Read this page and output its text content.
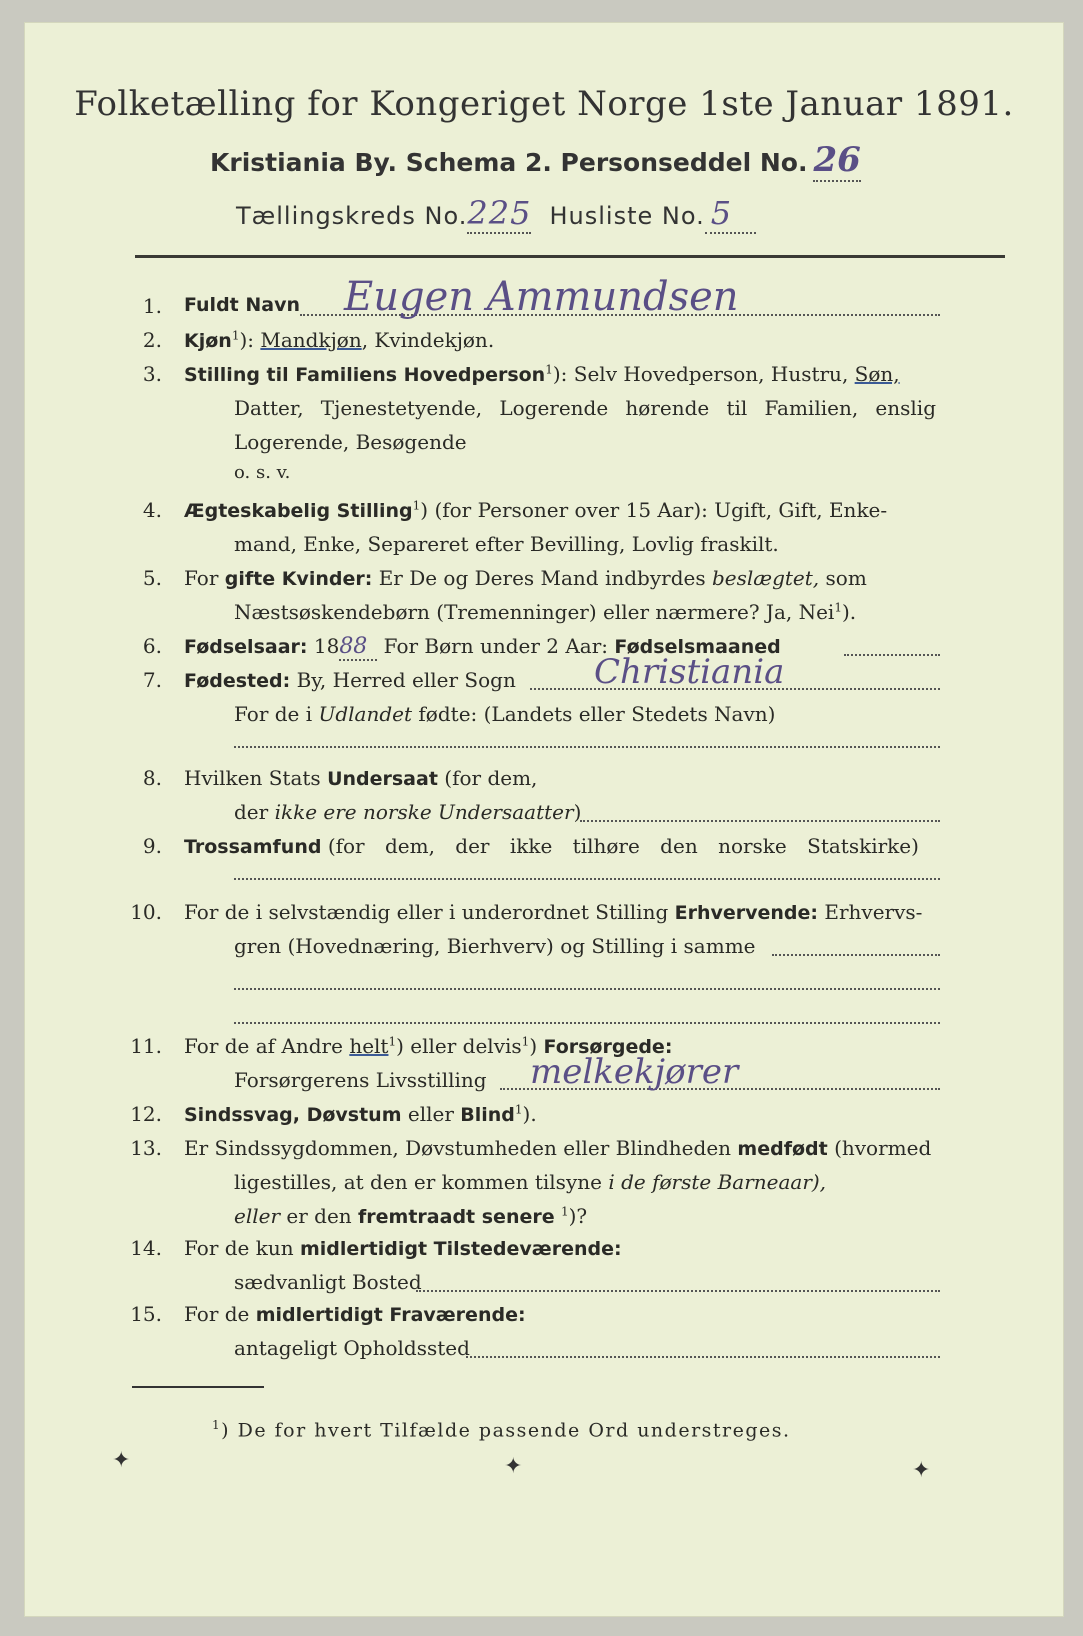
Folketælling for Kongeriget Norge 1ste Januar 1891.
Kristiania By. Schema 2. Personseddel No. 26
Tællingskreds No.225 Husliste No. 5
1. Fuldt Navn Eugen Ammundsen
2. Kjøn$^1$): Mandkjøn, Kvindekjøn.
3. Stilling til Familiens Hovedperson$^1$): Selv Hovedperson, Hustru, Søn,
Datter, Tjenestetyende, Logerende hørende til Familien, enslig
Logerende, Besøgende
o. s. v.
4. Ægteskabelig Stilling$^1$) (for Personer over 15 Aar): Ugift, Gift, Enke-
mand, Enke, Separeret efter Bevilling, Lovlig fraskilt.
5. For gifte Kvinder: Er De og Deres Mand indbyrdes beslægtet, som
Næstsøskendebørn (Tremenninger) eller nærmere? Ja, Nei$^1$).
6. Fødselsaar: 1888 For Børn under 2 Aar: Fødselsmaaned
7. Fødested: By, Herred eller Sogn Christiania
For de i Udlandet fødte: (Landets eller Stedets Navn)
8. Hvilken Stats Undersaat (for dem,
der ikke ere norske Undersaatter)
9. Trossamfund (for dem, der ikke tilhøre den norske Statskirke)
10. For de i selvstændig eller i underordnet Stilling Erhvervende: Erhvervs-
gren (Hovednæring, Bierhverv) og Stilling i samme
11. For de af Andre helt$^1$) eller delvis$^1$) Forsørgede:
Forsørgerens Livsstilling melkekjører
12. Sindssvag, Døvstum eller Blind$^1$).
13. Er Sindssygdommen, Døvstumheden eller Blindheden medfødt (hvormed
ligestilles, at den er kommen tilsyne i de første Barneaar),
eller er den fremtraadt senere $^1$)?
14. For de kun midlertidigt Tilstedeværende:
sædvanligt Bosted
15. For de midlertidigt Fraværende:
antageligt Opholdssted
$^1$) De for hvert Tilfælde passende Ord understreges.
✦	✦	✦
